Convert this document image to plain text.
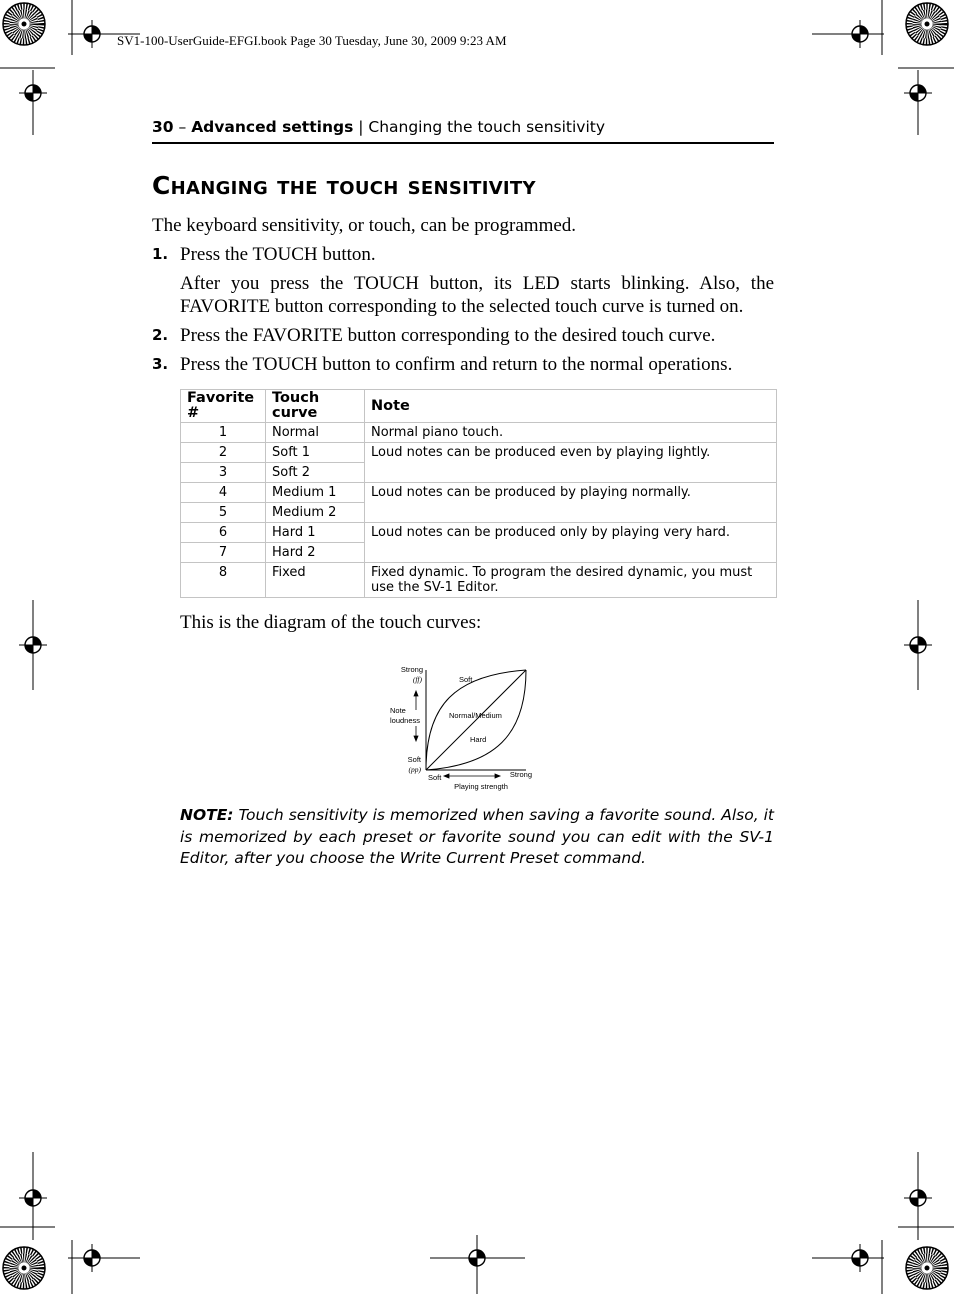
SV1-100-UserGuide-EFGI.book Page 30 Tuesday, June 30, 2009 9:23 AM
30 – Advanced settings | Changing the touch sensitivity
Changing the touch sensitivity
The keyboard sensitivity, or touch, can be programmed.
1. Press the TOUCH button.
After you press the TOUCH button, its LED starts blinking. Also, the FAVORITE button corresponding to the selected touch curve is turned on.
2. Press the FAVORITE button corresponding to the desired touch curve.
3. Press the TOUCH button to confirm and return to the normal operations.
Favorite #	Touch curve	Note
1	Normal	Normal piano touch.
2	Soft 1	Loud notes can be produced even by playing lightly.
3	Soft 2	
4	Medium 1	Loud notes can be produced by playing normally.
5	Medium 2	
6	Hard 1	Loud notes can be produced only by playing very hard.
7	Hard 2	
8	Fixed	Fixed dynamic. To program the desired dynamic, you must use the SV-1 Editor.
This is the diagram of the touch curves:
Strong
(ff)
Note
loudness
Soft
(pp)
Soft	Strong
Playing strength
Soft
Normal/Medium
Hard
NOTE: Touch sensitivity is memorized when saving a favorite sound. Also, it is memorized by each preset or favorite sound you can edit with the SV-1 Editor, after you choose the Write Current Preset command.
